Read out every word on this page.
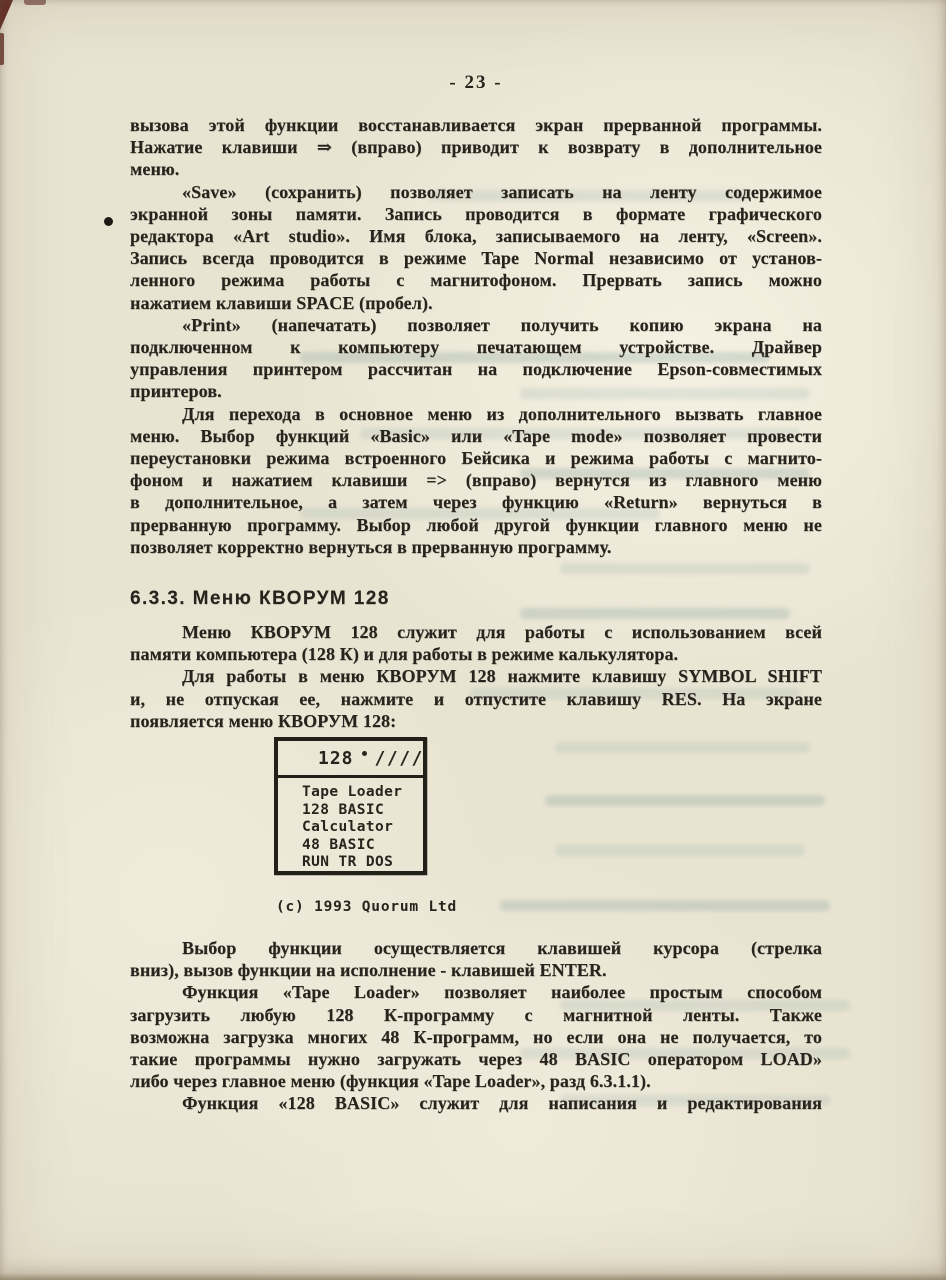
- 23 -
вызова этой функции восстанавливается экран прерванной программы.
Нажатие клавиши ⇒ (вправо) приводит к возврату в дополнительное
меню.
«Save» (сохранить) позволяет записать на ленту содержимое
экранной зоны памяти. Запись проводится в формате графического
редактора «Art studio». Имя блока, записываемого на ленту, «Screen».
Запись всегда проводится в режиме Tape Normal независимо от установ-
ленного режима работы с магнитофоном. Прервать запись можно
нажатием клавиши SPACE (пробел).
«Print» (напечатать) позволяет получить копию экрана на
подключенном к компьютеру печатающем устройстве. Драйвер
управления принтером рассчитан на подключение Epson-совместимых
принтеров.
Для перехода в основное меню из дополнительного вызвать главное
меню. Выбор функций «Basic» или «Tape mode» позволяет провести
переустановки режима встроенного Бейсика и режима работы с магнито-
фоном и нажатием клавиши => (вправо) вернутся из главного меню
в дополнительное, а затем через функцию «Return» вернуться в
прерванную программу. Выбор любой другой функции главного меню не
позволяет корректно вернуться в прерванную программу.
6.3.3. Меню КВОРУМ 128
Меню КВОРУМ 128 служит для работы с использованием всей
памяти компьютера (128 К) и для работы в режиме калькулятора.
Для работы в меню КВОРУМ 128 нажмите клавишу SYMBOL SHIFT
и, не отпуская ее, нажмите и отпустите клавишу RES. На экране
появляется меню КВОРУМ 128:
128 ////
Tape Loader
128 BASIC
Calculator
48 BASIC
RUN TR DOS
(c) 1993 Quorum Ltd
Выбор функции осуществляется клавишей курсора (стрелка
вниз), вызов функции на исполнение - клавишей ENTER.
Функция «Tape Loader» позволяет наиболее простым способом
загрузить любую 128 К-программу с магнитной ленты. Также
возможна загрузка многих 48 К-программ, но если она не получается, то
такие программы нужно загружать через 48 BASIC оператором LOAD»
либо через главное меню (функция «Tape Loader», разд 6.3.1.1).
Функция «128 BASIC» служит для написания и редактирования
